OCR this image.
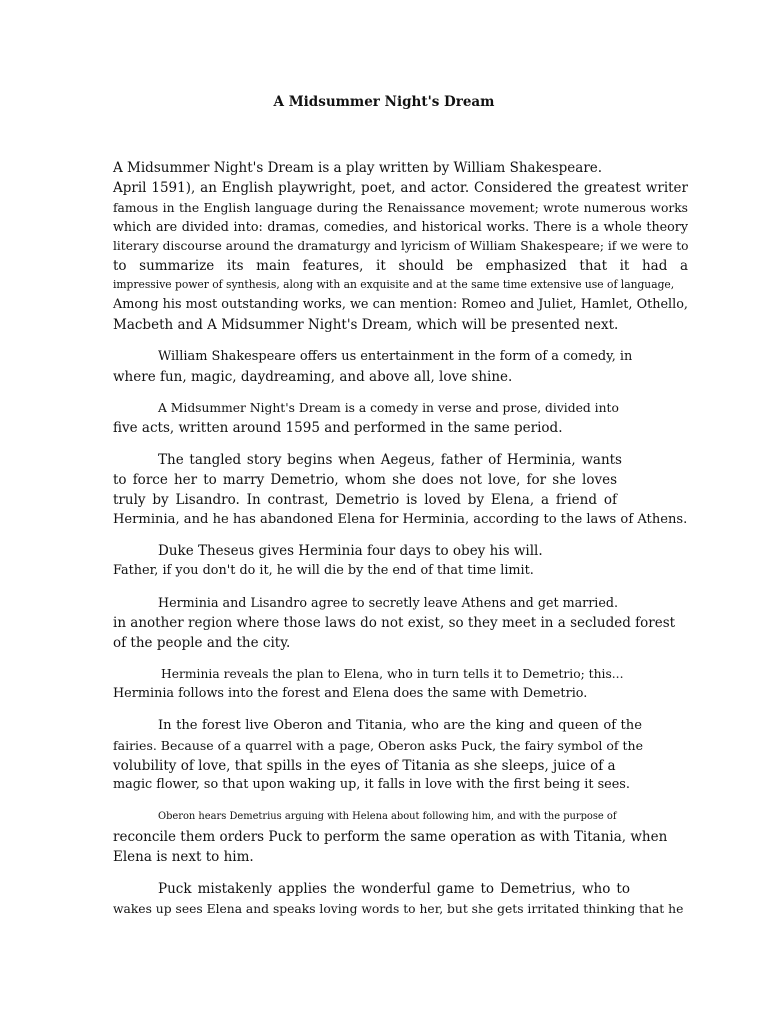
A Midsummer Night's Dream
A Midsummer Night's Dream is a play written by William Shakespeare.
April 1591), an English playwright, poet, and actor. Considered the greatest writer
famous in the English language during the Renaissance movement; wrote numerous works
which are divided into: dramas, comedies, and historical works. There is a whole theory
literary discourse around the dramaturgy and lyricism of William Shakespeare; if we were to
to summarize its main features, it should be emphasized that it had a
impressive power of synthesis, along with an exquisite and at the same time extensive use of language,
Among his most outstanding works, we can mention: Romeo and Juliet, Hamlet, Othello,
Macbeth and A Midsummer Night's Dream, which will be presented next.
William Shakespeare offers us entertainment in the form of a comedy, in
where fun, magic, daydreaming, and above all, love shine.
A Midsummer Night's Dream is a comedy in verse and prose, divided into
five acts, written around 1595 and performed in the same period.
The tangled story begins when Aegeus, father of Herminia, wants
to force her to marry Demetrio, whom she does not love, for she loves
truly by Lisandro. In contrast, Demetrio is loved by Elena, a friend of
Herminia, and he has abandoned Elena for Herminia, according to the laws of Athens.
Duke Theseus gives Herminia four days to obey his will.
Father, if you don't do it, he will die by the end of that time limit.
Herminia and Lisandro agree to secretly leave Athens and get married.
in another region where those laws do not exist, so they meet in a secluded forest
of the people and the city.
Herminia reveals the plan to Elena, who in turn tells it to Demetrio; this...
Herminia follows into the forest and Elena does the same with Demetrio.
In the forest live Oberon and Titania, who are the king and queen of the
fairies. Because of a quarrel with a page, Oberon asks Puck, the fairy symbol of the
volubility of love, that spills in the eyes of Titania as she sleeps, juice of a
magic flower, so that upon waking up, it falls in love with the first being it sees.
Oberon hears Demetrius arguing with Helena about following him, and with the purpose of
reconcile them orders Puck to perform the same operation as with Titania, when
Elena is next to him.
Puck mistakenly applies the wonderful game to Demetrius, who to
wakes up sees Elena and speaks loving words to her, but she gets irritated thinking that he
